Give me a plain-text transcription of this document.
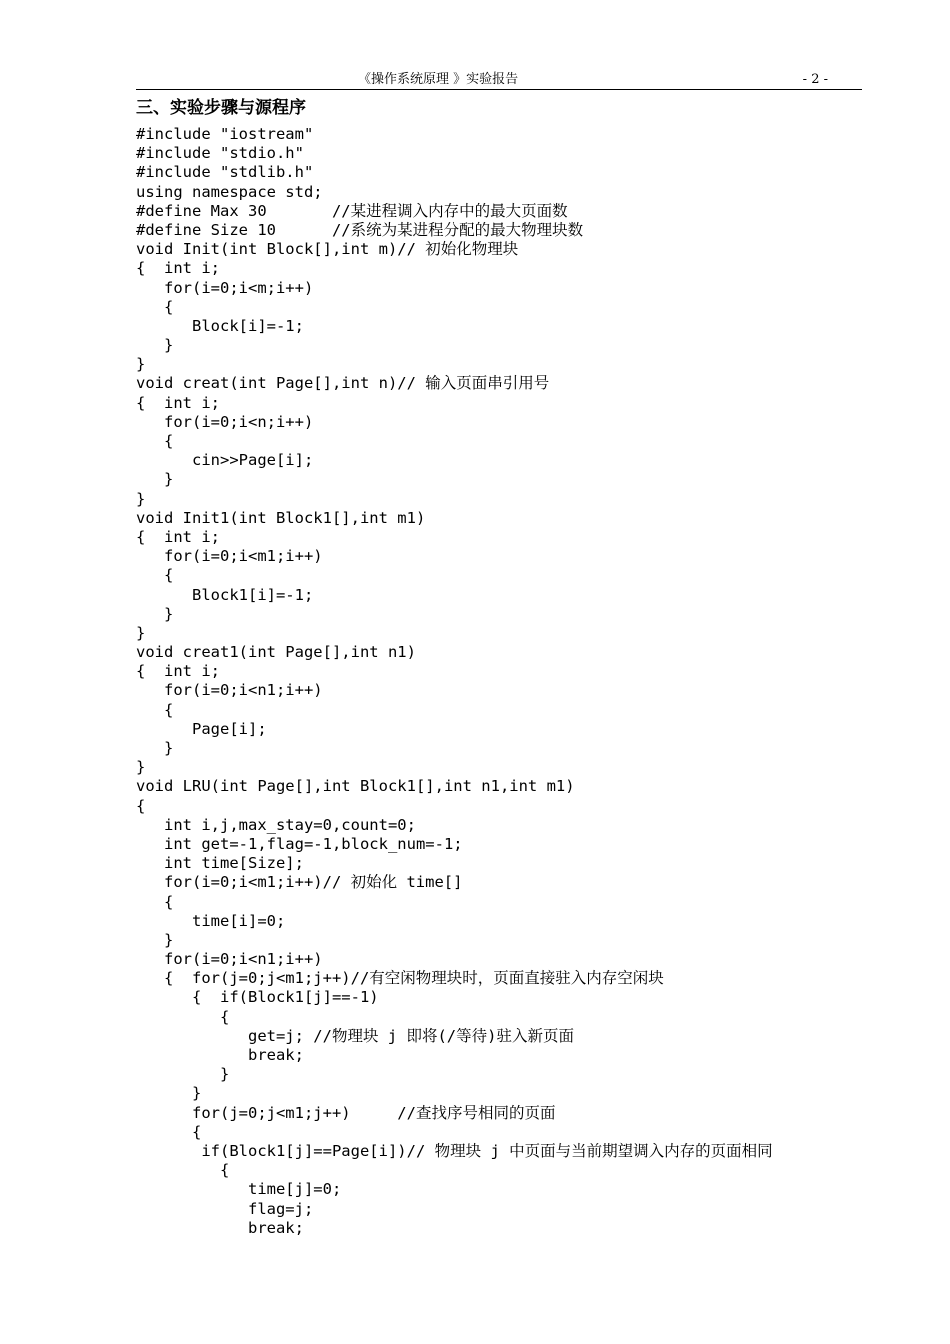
《操作系统原理 》实验报告	- 2 -
三、实验步骤与源程序
#include "iostream"
#include "stdio.h"
#include "stdlib.h"
using namespace std;
#define Max 30       //某进程调入内存中的最大页面数
#define Size 10      //系统为某进程分配的最大物理块数
void Init(int Block[],int m)// 初始化物理块
{  int i;
for(i=0;i<m;i++)
{
Block[i]=-1;
}
}
void creat(int Page[],int n)// 输入页面串引用号
{  int i;
for(i=0;i<n;i++)
{
cin>>Page[i];
}
}
void Init1(int Block1[],int m1)
{  int i;
for(i=0;i<m1;i++)
{
Block1[i]=-1;
}
}
void creat1(int Page[],int n1)
{  int i;
for(i=0;i<n1;i++)
{
Page[i];
}
}
void LRU(int Page[],int Block1[],int n1,int m1)
{
int i,j,max_stay=0,count=0;
int get=-1,flag=-1,block_num=-1;
int time[Size];
for(i=0;i<m1;i++)// 初始化 time[]
{
time[i]=0;
}
for(i=0;i<n1;i++)
{  for(j=0;j<m1;j++)//有空闲物理块时，页面直接驻入内存空闲块
{  if(Block1[j]==-1)
{
get=j; //物理块 j 即将(/等待)驻入新页面
break;
}
}
for(j=0;j<m1;j++)     //查找序号相同的页面
{
if(Block1[j]==Page[i])// 物理块 j 中页面与当前期望调入内存的页面相同
{
time[j]=0;
flag=j;
break;
